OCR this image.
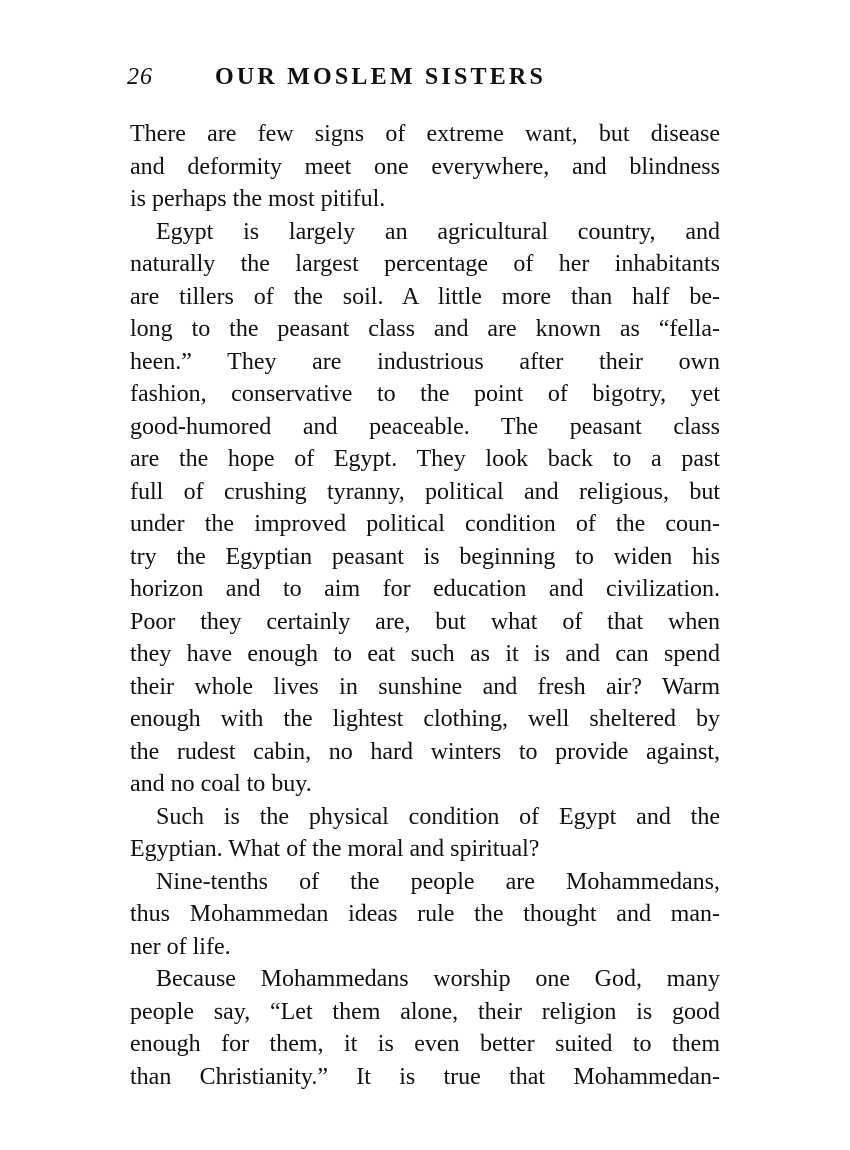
26	OUR MOSLEM SISTERS
There are few signs of extreme want, but disease
and deformity meet one everywhere, and blindness
is perhaps the most pitiful.
Egypt is largely an agricultural country, and
naturally the largest percentage of her inhabitants
are tillers of the soil. A little more than half be-
long to the peasant class and are known as “fella-
heen.” They are industrious after their own
fashion, conservative to the point of bigotry, yet
good-humored and peaceable. The peasant class
are the hope of Egypt. They look back to a past
full of crushing tyranny, political and religious, but
under the improved political condition of the coun-
try the Egyptian peasant is beginning to widen his
horizon and to aim for education and civilization.
Poor they certainly are, but what of that when
they have enough to eat such as it is and can spend
their whole lives in sunshine and fresh air? Warm
enough with the lightest clothing, well sheltered by
the rudest cabin, no hard winters to provide against,
and no coal to buy.
Such is the physical condition of Egypt and the
Egyptian. What of the moral and spiritual?
Nine-tenths of the people are Mohammedans,
thus Mohammedan ideas rule the thought and man-
ner of life.
Because Mohammedans worship one God, many
people say, “Let them alone, their religion is good
enough for them, it is even better suited to them
than Christianity.” It is true that Mohammedan-
